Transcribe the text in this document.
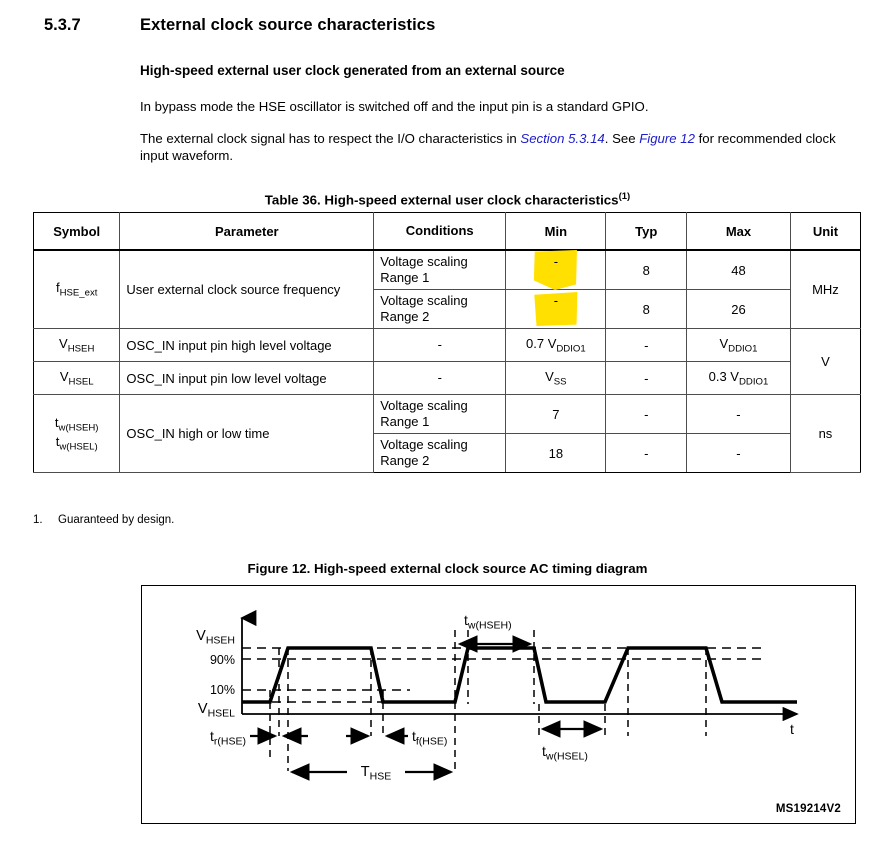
5.3.7	External clock source characteristics
High-speed external user clock generated from an external source
In bypass mode the HSE oscillator is switched off and the input pin is a standard GPIO.
The external clock signal has to respect the I/O characteristics in Section 5.3.14. See Figure 12 for recommended clock input waveform.
Table 36. High-speed external user clock characteristics$^{(1)}$
Symbol	Parameter	Conditions	Min	Typ	Max	Unit
$f_{HSE\_ext}$	User external clock source frequency	Voltage scaling Range 1	-	8	48	MHz
		Voltage scaling Range 2	-	8	26	
$V_{HSEH}$	OSC_IN input pin high level voltage	-	0.7 $V_{DDIO1}$	-	$V_{DDIO1}$	V
$V_{HSEL}$	OSC_IN input pin low level voltage	-	$V_{SS}$	-	0.3 $V_{DDIO1}$

$t_{w(HSEH)}$
$t_{w(HSEL)}$	OSC_IN high or low time	Voltage scaling Range 1	7	-	-	ns
		Voltage scaling Range 2	18	-	-	
1. Guaranteed by design.
Figure 12. High-speed external clock source AC timing diagram
$V_{HSEH}$
90%
10%
$V_{HSEL}$
t
$t_{r(HSE)}$	$t_{f(HSE)}$
$t_{w(HSEH)}$
$t_{w(HSEL)}$
$T_{HSE}$
MS19214V2
